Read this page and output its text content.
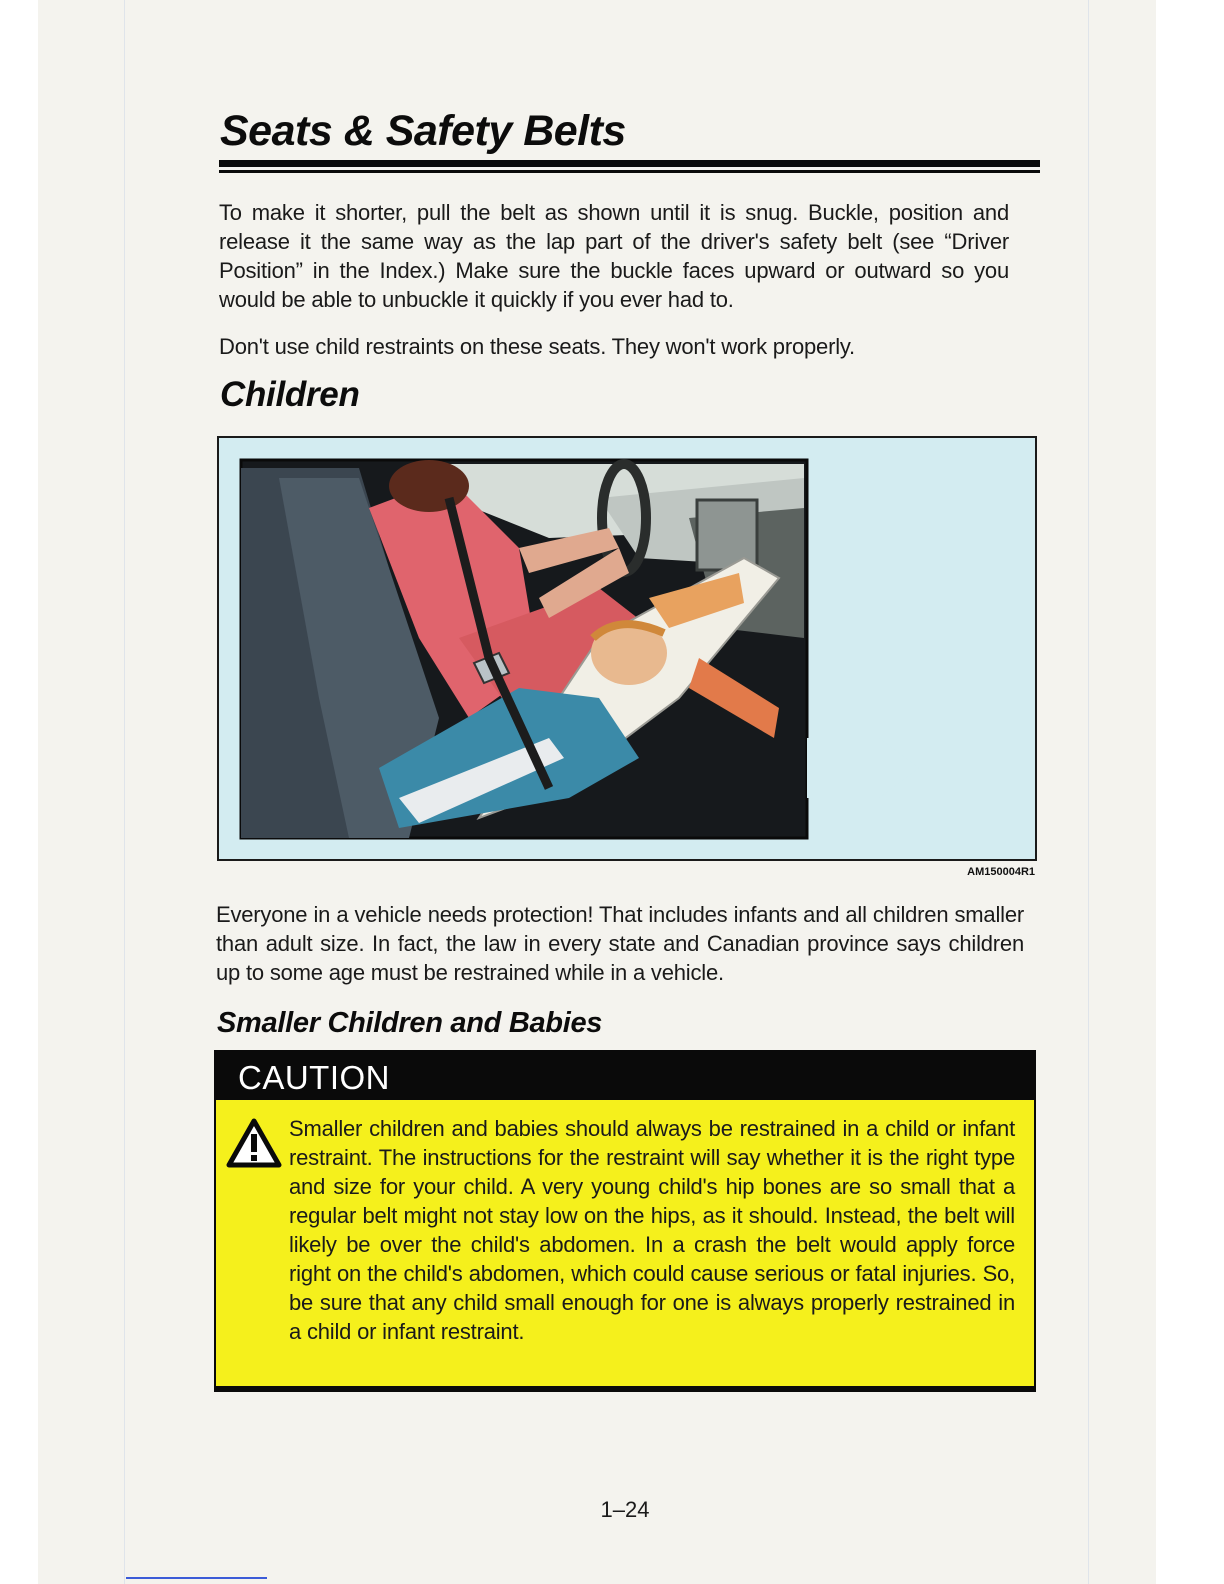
Seats & Safety Belts

To make it shorter, pull the belt as shown until it is snug. Buckle, position and release it the same way as the lap part of the driver's safety belt (see “Driver Position” in the Index.) Make sure the buckle faces upward or outward so you would be able to unbuckle it quickly if you ever had to.

Don't use child restraints on these seats. They won't work properly.

Children

AM150004R1

Everyone in a vehicle needs protection! That includes infants and all children smaller than adult size. In fact, the law in every state and Canadian province says children up to some age must be restrained while in a vehicle.

Smaller Children and Babies

CAUTION

Smaller children and babies should always be restrained in a child or infant restraint. The instructions for the restraint will say whether it is the right type and size for your child. A very young child's hip bones are so small that a regular belt might not stay low on the hips, as it should. Instead, the belt will likely be over the child's abdomen. In a crash the belt would apply force right on the child's abdomen, which could cause serious or fatal injuries. So, be sure that any child small enough for one is always properly restrained in a child or infant restraint.

1–24
